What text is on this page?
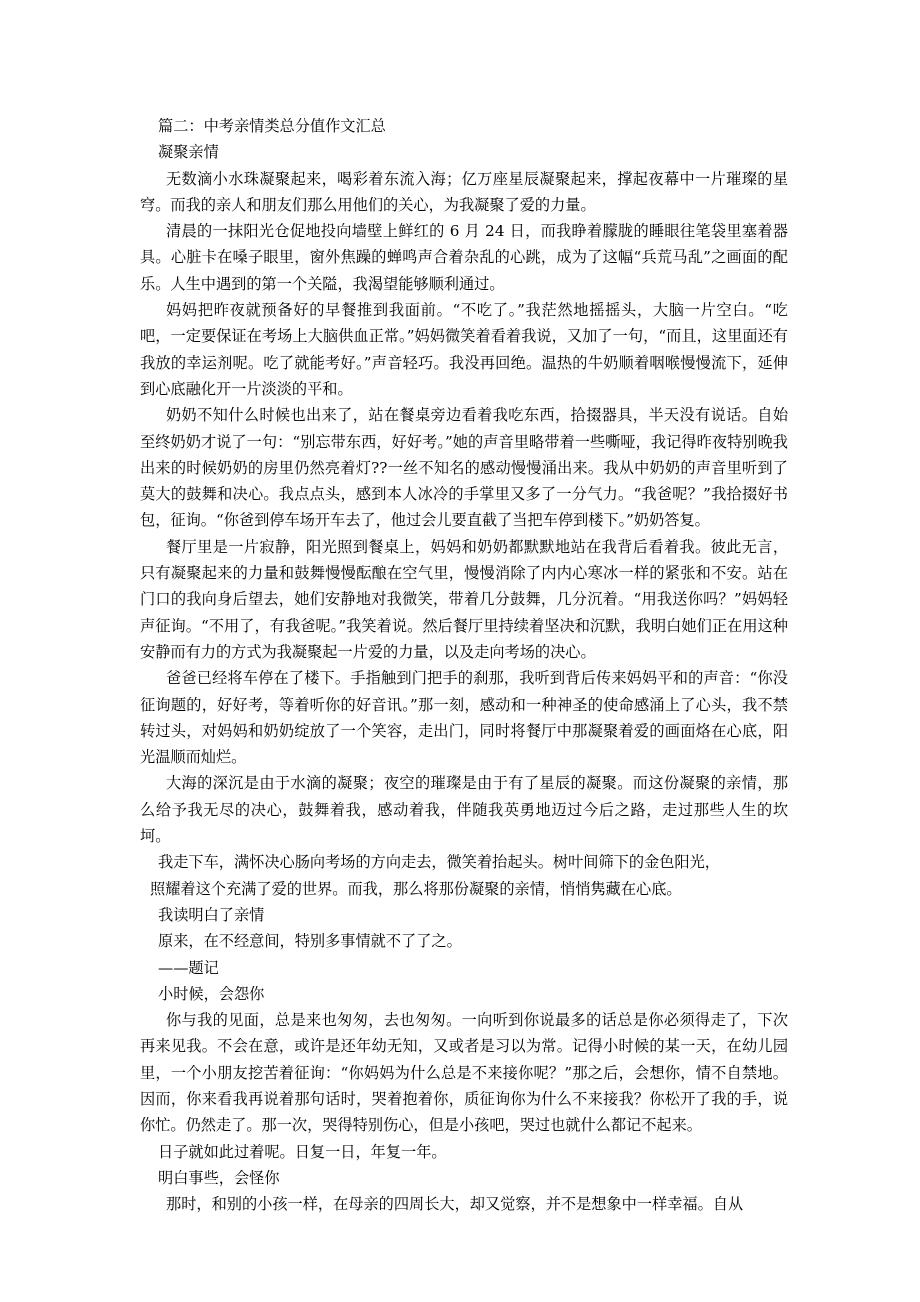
篇二：中考亲情类总分值作文汇总

凝聚亲情

无数滴小水珠凝聚起来，喝彩着东流入海；亿万座星辰凝聚起来，撑起夜幕中一片璀璨的星穹。而我的亲人和朋友们那么用他们的关心，为我凝聚了爱的力量。

清晨的一抹阳光仓促地投向墙壁上鲜红的 6 月 24 日，而我睁着朦胧的睡眼往笔袋里塞着器具。心脏卡在嗓子眼里，窗外焦躁的蝉鸣声合着杂乱的心跳，成为了这幅“兵荒马乱”之画面的配乐。人生中遇到的第一个关隘，我渴望能够顺利通过。

妈妈把昨夜就预备好的早餐推到我面前。“不吃了。”我茫然地摇摇头，大脑一片空白。“吃吧，一定要保证在考场上大脑供血正常。”妈妈微笑着看着我说，又加了一句，“而且，这里面还有我放的幸运剂呢。吃了就能考好。”声音轻巧。我没再回绝。温热的牛奶顺着咽喉慢慢流下，延伸到心底融化开一片淡淡的平和。

奶奶不知什么时候也出来了，站在餐桌旁边看着我吃东西，拾掇器具，半天没有说话。自始至终奶奶才说了一句：“别忘带东西，好好考。”她的声音里略带着一些嘶哑，我记得昨夜特别晚我出来的时候奶奶的房里仍然亮着灯??一丝不知名的感动慢慢涌出来。我从中奶奶的声音里听到了莫大的鼓舞和决心。我点点头，感到本人冰冷的手掌里又多了一分气力。“我爸呢？”我拾掇好书包，征询。“你爸到停车场开车去了，他过会儿要直截了当把车停到楼下。”奶奶答复。

餐厅里是一片寂静，阳光照到餐桌上，妈妈和奶奶都默默地站在我背后看着我。彼此无言，只有凝聚起来的力量和鼓舞慢慢酝酿在空气里，慢慢消除了内内心寒冰一样的紧张和不安。站在门口的我向身后望去，她们安静地对我微笑，带着几分鼓舞，几分沉着。“用我送你吗？”妈妈轻声征询。“不用了，有我爸呢。”我笑着说。然后餐厅里持续着坚决和沉默，我明白她们正在用这种安静而有力的方式为我凝聚起一片爱的力量，以及走向考场的决心。

爸爸已经将车停在了楼下。手指触到门把手的刹那，我听到背后传来妈妈平和的声音：“你没征询题的，好好考，等着听你的好音讯。”那一刻，感动和一种神圣的使命感涌上了心头，我不禁转过头，对妈妈和奶奶绽放了一个笑容，走出门，同时将餐厅中那凝聚着爱的画面烙在心底，阳光温顺而灿烂。

大海的深沉是由于水滴的凝聚；夜空的璀璨是由于有了星辰的凝聚。而这份凝聚的亲情，那么给予我无尽的决心，鼓舞着我，感动着我，伴随我英勇地迈过今后之路，走过那些人生的坎坷。

我走下车，满怀决心肠向考场的方向走去，微笑着抬起头。树叶间筛下的金色阳光，

照耀着这个充满了爱的世界。而我，那么将那份凝聚的亲情，悄悄隽藏在心底。

我读明白了亲情

原来，在不经意间，特别多事情就不了了之。

——题记

小时候，会怨你

你与我的见面，总是来也匆匆，去也匆匆。一向听到你说最多的话总是你必须得走了，下次再来见我。不会在意，或许是还年幼无知，又或者是习以为常。记得小时候的某一天，在幼儿园里，一个小朋友挖苦着征询：“你妈妈为什么总是不来接你呢？”那之后，会想你，情不自禁地。因而，你来看我再说着那句话时，哭着抱着你，质征询你为什么不来接我？你松开了我的手，说你忙。仍然走了。那一次，哭得特别伤心，但是小孩吧，哭过也就什么都记不起来。

日子就如此过着呢。日复一日，年复一年。

明白事些，会怪你

那时，和别的小孩一样，在母亲的四周长大，却又觉察，并不是想象中一样幸福。自从
